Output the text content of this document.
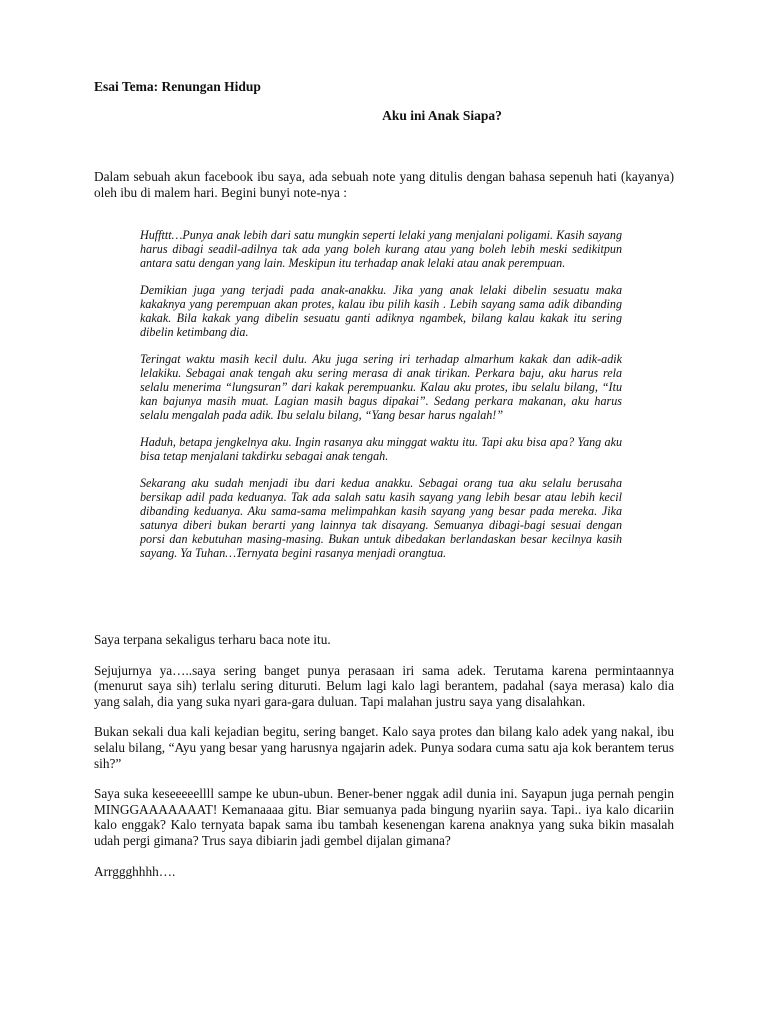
Esai Tema: Renungan Hidup
Aku ini Anak Siapa?

Dalam sebuah akun facebook ibu saya, ada sebuah note yang ditulis dengan bahasa sepenuh hati (kayanya) oleh ibu di malem hari. Begini bunyi note-nya :

Huffttt…Punya anak lebih dari satu mungkin seperti lelaki yang menjalani poligami. Kasih sayang harus dibagi seadil-adilnya tak ada yang boleh kurang atau yang boleh lebih meski sedikitpun antara satu dengan yang lain. Meskipun itu terhadap anak lelaki atau anak perempuan.

Demikian juga yang terjadi pada anak-anakku. Jika yang anak lelaki dibelin sesuatu maka kakaknya yang perempuan akan protes, kalau ibu pilih kasih . Lebih sayang sama adik dibanding kakak. Bila kakak yang dibelin sesuatu ganti adiknya ngambek, bilang kalau kakak itu sering dibelin ketimbang dia.

Teringat waktu masih kecil dulu. Aku juga sering iri terhadap almarhum kakak dan adik-adik lelakiku. Sebagai anak tengah aku sering merasa di anak tirikan. Perkara baju, aku harus rela selalu menerima “lungsuran” dari kakak perempuanku. Kalau aku protes, ibu selalu bilang, “Itu kan bajunya masih muat. Lagian masih bagus dipakai”. Sedang perkara makanan, aku harus selalu mengalah pada adik. Ibu selalu bilang, “Yang besar harus ngalah!”

Haduh, betapa jengkelnya aku. Ingin rasanya aku minggat waktu itu. Tapi aku bisa apa? Yang aku bisa tetap menjalani takdirku sebagai anak tengah.

Sekarang aku sudah menjadi ibu dari kedua anakku. Sebagai orang tua aku selalu berusaha bersikap adil pada keduanya. Tak ada salah satu kasih sayang yang lebih besar atau lebih kecil dibanding keduanya. Aku sama-sama melimpahkan kasih sayang yang besar pada mereka. Jika satunya diberi bukan berarti yang lainnya tak disayang. Semuanya dibagi-bagi sesuai dengan porsi dan kebutuhan masing-masing. Bukan untuk dibedakan berlandaskan besar kecilnya kasih sayang. Ya Tuhan…Ternyata begini rasanya menjadi orangtua.

Saya terpana sekaligus terharu baca note itu.

Sejujurnya ya…..saya sering banget punya perasaan iri sama adek. Terutama karena permintaannya (menurut saya sih) terlalu sering dituruti. Belum lagi kalo lagi berantem, padahal (saya merasa) kalo dia yang salah, dia yang suka nyari gara-gara duluan. Tapi malahan justru saya yang disalahkan.

Bukan sekali dua kali kejadian begitu, sering banget. Kalo saya protes dan bilang kalo adek yang nakal, ibu selalu bilang, “Ayu yang besar yang harusnya ngajarin adek. Punya sodara cuma satu aja kok berantem terus sih?”

Saya suka keseeeeellll sampe ke ubun-ubun. Bener-bener nggak adil dunia ini. Sayapun juga pernah pengin MINGGAAAAAAAT! Kemanaaaa gitu. Biar semuanya pada bingung nyariin saya. Tapi.. iya kalo dicariin kalo enggak? Kalo ternyata bapak sama ibu tambah kesenengan karena anaknya yang suka bikin masalah udah pergi gimana? Trus saya dibiarin jadi gembel dijalan gimana?

Arrggghhhh….
